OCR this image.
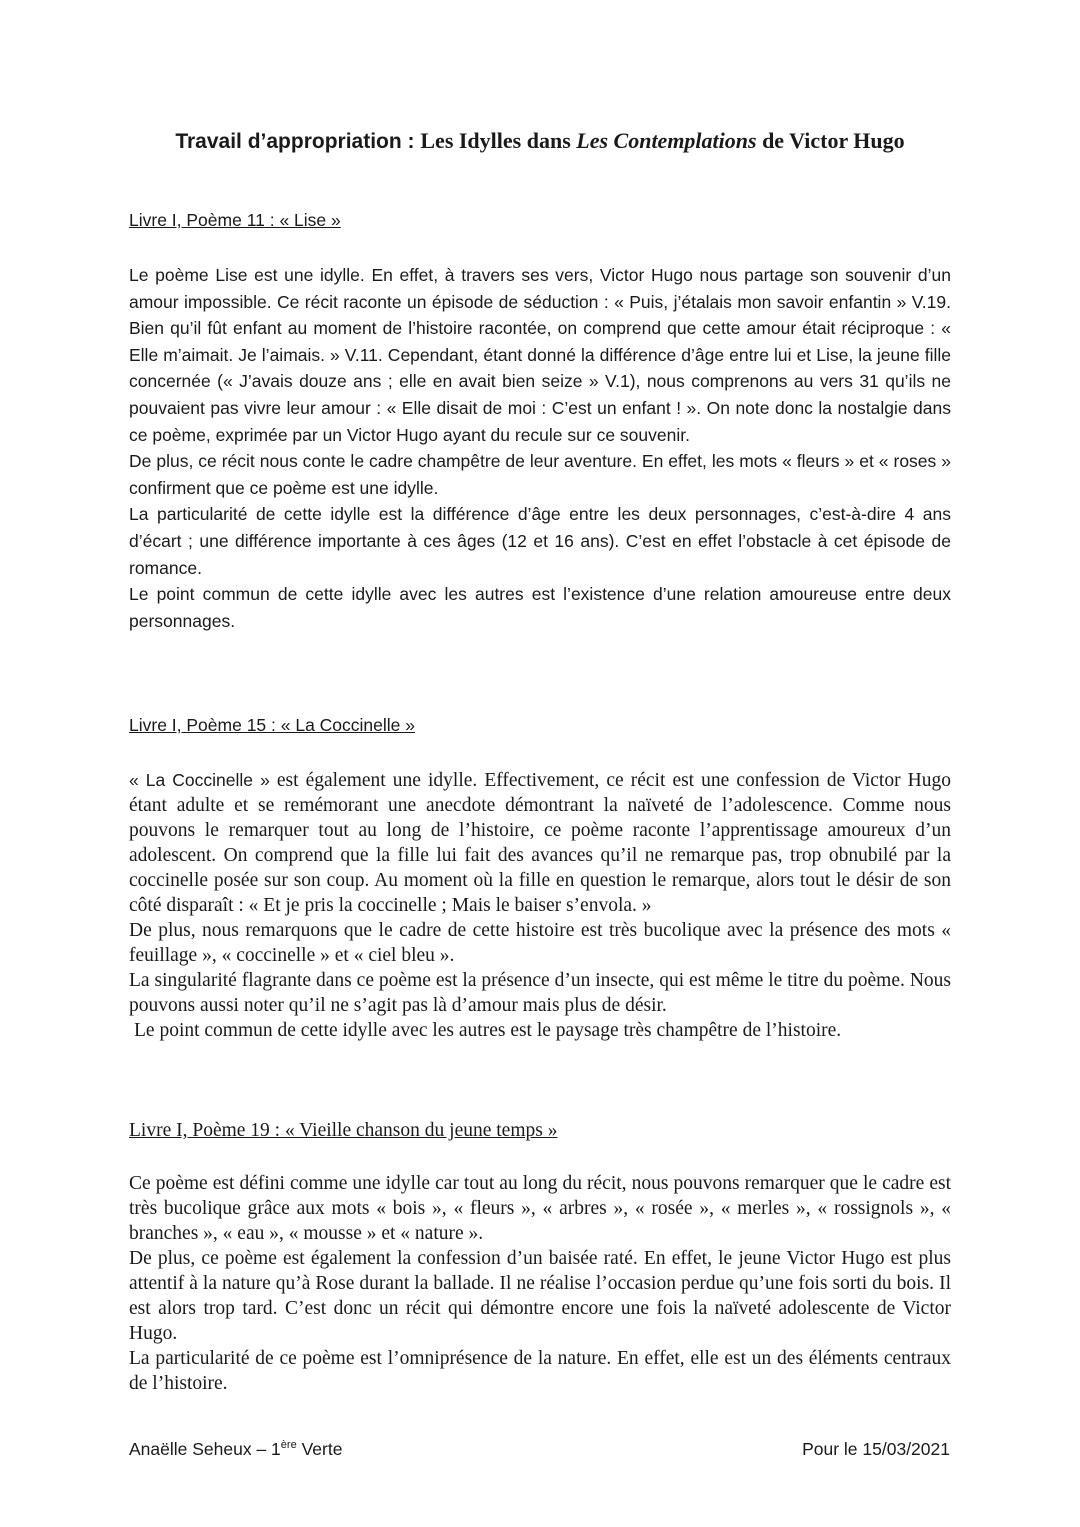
Travail d’appropriation : Les Idylles dans Les Contemplations de Victor Hugo
Livre I, Poème 11 : « Lise »

Le poème Lise est une idylle. En effet, à travers ses vers, Victor Hugo nous partage son souvenir d’un amour impossible. Ce récit raconte un épisode de séduction : « Puis, j’étalais mon savoir enfantin » V.19. Bien qu’il fût enfant au moment de l’histoire racontée, on comprend que cette amour était réciproque : « Elle m’aimait. Je l’aimais. » V.11. Cependant, étant donné la différence d’âge entre lui et Lise, la jeune fille concernée (« J’avais douze ans ; elle en avait bien seize » V.1), nous comprenons au vers 31 qu’ils ne pouvaient pas vivre leur amour : « Elle disait de moi : C’est un enfant ! ». On note donc la nostalgie dans ce poème, exprimée par un Victor Hugo ayant du recule sur ce souvenir.

De plus, ce récit nous conte le cadre champêtre de leur aventure. En effet, les mots « fleurs » et « roses » confirment que ce poème est une idylle.

La particularité de cette idylle est la différence d’âge entre les deux personnages, c’est-à-dire 4 ans d’écart ; une différence importante à ces âges (12 et 16 ans). C’est en effet l’obstacle à cet épisode de romance.

Le point commun de cette idylle avec les autres est l’existence d’une relation amoureuse entre deux personnages.

Livre I, Poème 15 : « La Coccinelle »

« La Coccinelle » est également une idylle. Effectivement, ce récit est une confession de Victor Hugo étant adulte et se remémorant une anecdote démontrant la naïveté de l’adolescence. Comme nous pouvons le remarquer tout au long de l’histoire, ce poème raconte l’apprentissage amoureux d’un adolescent. On comprend que la fille lui fait des avances qu’il ne remarque pas, trop obnubilé par la coccinelle posée sur son coup. Au moment où la fille en question le remarque, alors tout le désir de son côté disparaît : « Et je pris la coccinelle ; Mais le baiser s’envola. »

De plus, nous remarquons que le cadre de cette histoire est très bucolique avec la présence des mots « feuillage », « coccinelle » et « ciel bleu ».

La singularité flagrante dans ce poème est la présence d’un insecte, qui est même le titre du poème. Nous pouvons aussi noter qu’il ne s’agit pas là d’amour mais plus de désir.

Le point commun de cette idylle avec les autres est le paysage très champêtre de l’histoire.

Livre I, Poème 19 : « Vieille chanson du jeune temps »

Ce poème est défini comme une idylle car tout au long du récit, nous pouvons remarquer que le cadre est très bucolique grâce aux mots « bois », « fleurs », « arbres », « rosée », « merles », « rossignols », « branches », « eau », « mousse » et « nature ».

De plus, ce poème est également la confession d’un baisée raté. En effet, le jeune Victor Hugo est plus attentif à la nature qu’à Rose durant la ballade. Il ne réalise l’occasion perdue qu’une fois sorti du bois. Il est alors trop tard. C’est donc un récit qui démontre encore une fois la naïveté adolescente de Victor Hugo.

La particularité de ce poème est l’omniprésence de la nature. En effet, elle est un des éléments centraux de l’histoire.

Anaëlle Seheux – 1ère Verte	Pour le 15/03/2021
